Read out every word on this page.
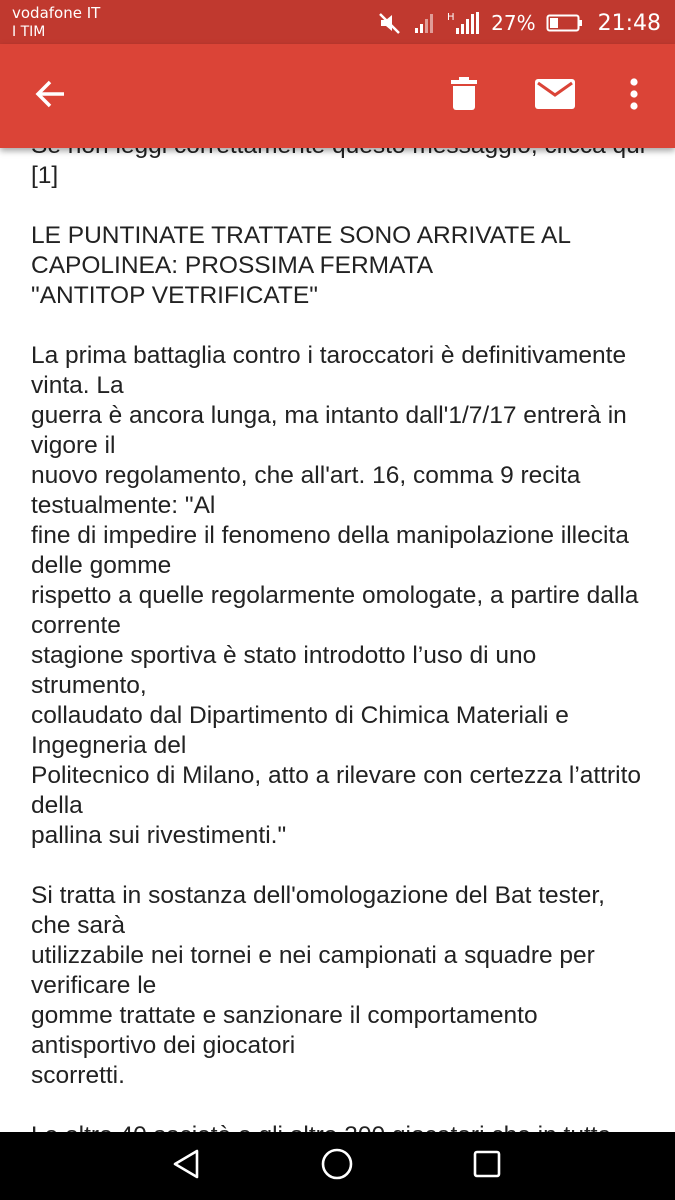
vodafone IT
I TIM
H 27%	21:48
[1]

LE PUNTINATE TRATTATE SONO ARRIVATE AL
CAPOLINEA: PROSSIMA FERMATA
"ANTITOP VETRIFICATE"

La prima battaglia contro i taroccatori è definitivamente vinta. La
guerra è ancora lunga, ma intanto dall'1/7/17 entrerà in vigore il
nuovo regolamento, che all'art. 16, comma 9 recita testualmente: "Al
fine di impedire il fenomeno della manipolazione illecita delle gomme
rispetto a quelle regolarmente omologate, a partire dalla corrente
stagione sportiva è stato introdotto l’uso di uno strumento,
collaudato dal Dipartimento di Chimica Materiali e Ingegneria del
Politecnico di Milano, atto a rilevare con certezza l’attrito della
pallina sui rivestimenti."

Si tratta in sostanza dell'omologazione del Bat tester, che sarà
utilizzabile nei tornei e nei campionati a squadre per verificare le
gomme trattate e sanzionare il comportamento antisportivo dei giocatori
scorretti.
